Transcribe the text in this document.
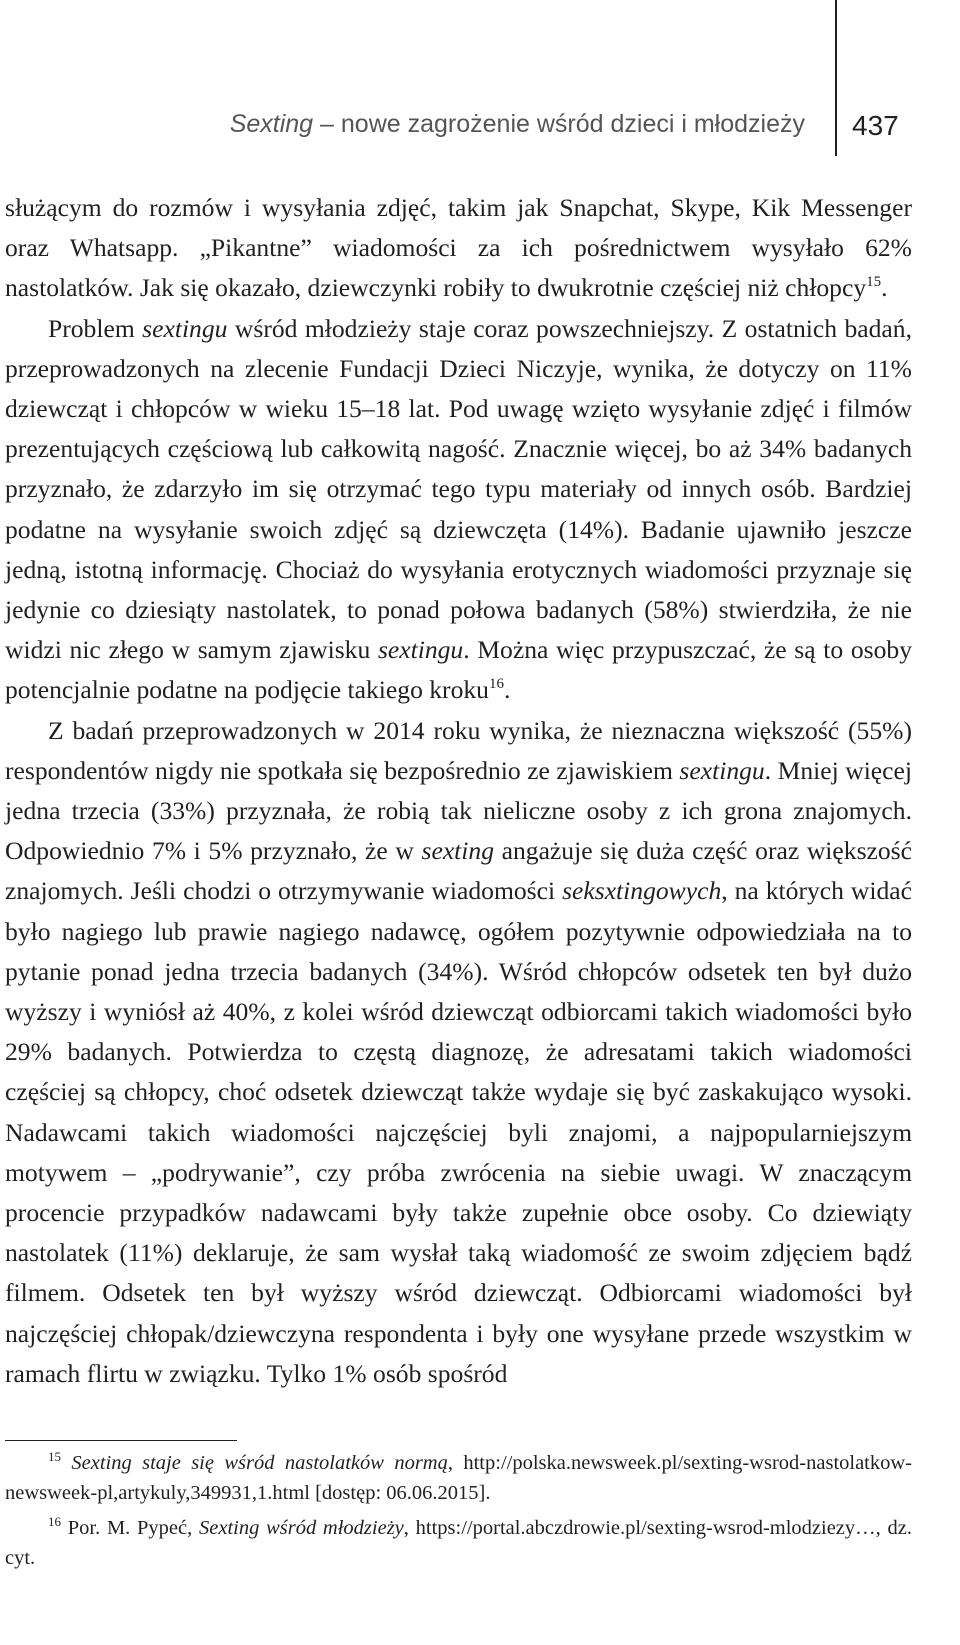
Sexting – nowe zagrożenie wśród dzieci i młodzieży 437

służącym do rozmów i wysyłania zdjęć, takim jak Snapchat, Skype, Kik Messenger oraz Whatsapp. „Pikantne” wiadomości za ich pośrednictwem wysyłało 62% nastolatków. Jak się okazało, dziewczynki robiły to dwukrotnie częściej niż chłopcy$^{15}$.

Problem sextingu wśród młodzieży staje coraz powszechniejszy. Z ostatnich badań, przeprowadzonych na zlecenie Fundacji Dzieci Niczyje, wynika, że dotyczy on 11% dziewcząt i chłopców w wieku 15–18 lat. Pod uwagę wzięto wysyłanie zdjęć i filmów prezentujących częściową lub całkowitą nagość. Znacznie więcej, bo aż 34% badanych przyznało, że zdarzyło im się otrzymać tego typu materiały od innych osób. Bardziej podatne na wysyłanie swoich zdjęć są dziewczęta (14%). Badanie ujawniło jeszcze jedną, istotną informację. Chociaż do wysyłania erotycznych wiadomości przyznaje się jedynie co dziesiąty nastolatek, to ponad połowa badanych (58%) stwierdziła, że nie widzi nic złego w samym zjawisku sextingu. Można więc przypuszczać, że są to osoby potencjalnie podatne na podjęcie takiego kroku$^{16}$.

Z badań przeprowadzonych w 2014 roku wynika, że nieznaczna większość (55%) respondentów nigdy nie spotkała się bezpośrednio ze zjawiskiem sextingu. Mniej więcej jedna trzecia (33%) przyznała, że robią tak nieliczne osoby z ich grona znajomych. Odpowiednio 7% i 5% przyznało, że w sexting angażuje się duża część oraz większość znajomych. Jeśli chodzi o otrzymywanie wiadomości seksxtingowych, na których widać było nagiego lub prawie nagiego nadawcę, ogółem pozytywnie odpowiedziała na to pytanie ponad jedna trzecia badanych (34%). Wśród chłopców odsetek ten był dużo wyższy i wyniósł aż 40%, z kolei wśród dziewcząt odbiorcami takich wiadomości było 29% badanych. Potwierdza to częstą diagnozę, że adresatami takich wiadomości częściej są chłopcy, choć odsetek dziewcząt także wydaje się być zaskakująco wysoki. Nadawcami takich wiadomości najczęściej byli znajomi, a najpopularniejszym motywem – „podrywanie”, czy próba zwrócenia na siebie uwagi. W znaczącym procencie przypadków nadawcami były także zupełnie obce osoby. Co dziewiąty nastolatek (11%) deklaruje, że sam wysłał taką wiadomość ze swoim zdjęciem bądź filmem. Odsetek ten był wyższy wśród dziewcząt. Odbiorcami wiadomości był najczęściej chłopak/dziewczyna respondenta i były one wysyłane przede wszystkim w ramach flirtu w związku. Tylko 1% osób spośród

$^{15}$ Sexting staje się wśród nastolatków normą, http://polska.newsweek.pl/sexting-wsrod-nastolatkow-newsweek-pl,artykuly,349931,1.html [dostęp: 06.06.2015].

$^{16}$ Por. M. Pypeć, Sexting wśród młodzieży, https://portal.abczdrowie.pl/sexting-wsrod-mlodziezy…, dz. cyt.
